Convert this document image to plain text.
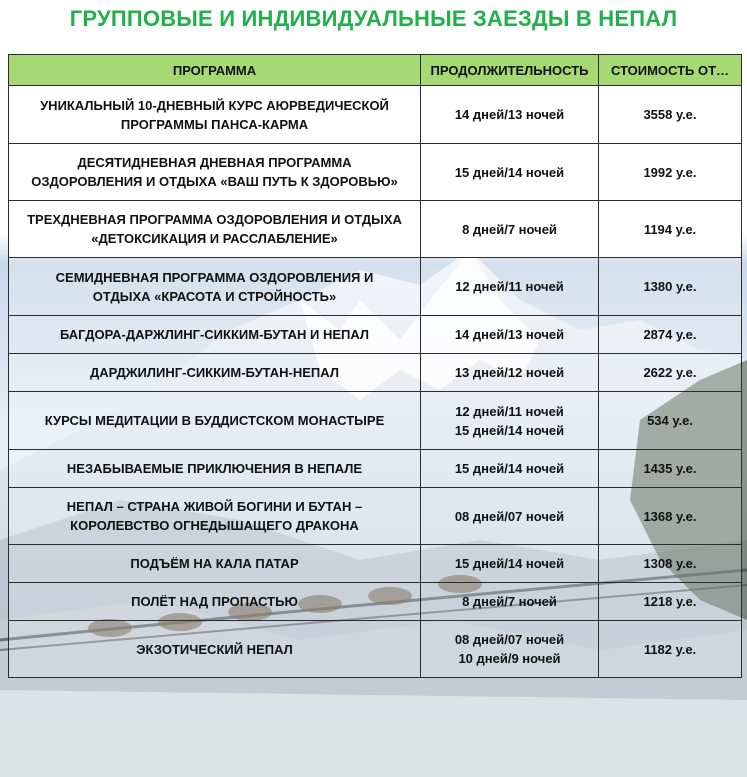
ГРУППОВЫЕ И ИНДИВИДУАЛЬНЫЕ ЗАЕЗДЫ В НЕПАЛ
ПРОГРАММА	ПРОДОЛЖИТЕЛЬНОСТЬ	СТОИМОСТЬ ОТ…

УНИКАЛЬНЫЙ 10-ДНЕВНЫЙ КУРС АЮРВЕДИЧЕСКОЙ
ПРОГРАММЫ ПАНСА-КАРМА	14 дней/13 ночей	3558 у.е.

ДЕСЯТИДНЕВНАЯ ДНЕВНАЯ ПРОГРАММА
ОЗДОРОВЛЕНИЯ И ОТДЫХА «ВАШ ПУТЬ К ЗДОРОВЬЮ»	15 дней/14 ночей	1992 у.е.

ТРЕХДНЕВНАЯ ПРОГРАММА ОЗДОРОВЛЕНИЯ И ОТДЫХА
«ДЕТОКСИКАЦИЯ И РАССЛАБЛЕНИЕ»	8 дней/7 ночей	1194 у.е.

СЕМИДНЕВНАЯ ПРОГРАММА ОЗДОРОВЛЕНИЯ И
ОТДЫХА «КРАСОТА И СТРОЙНОСТЬ»	12 дней/11 ночей	1380 у.е.

БАГДОРА-ДАРЖЛИНГ-СИККИМ-БУТАН И НЕПАЛ	14 дней/13 ночей	2874 у.е.

ДАРДЖИЛИНГ-СИККИМ-БУТАН-НЕПАЛ	13 дней/12 ночей	2622 у.е.

КУРСЫ МЕДИТАЦИИ В БУДДИСТСКОМ МОНАСТЫРЕ	12 дней/11 ночей
15 дней/14 ночей	534 у.е.

НЕЗАБЫВАЕМЫЕ ПРИКЛЮЧЕНИЯ В НЕПАЛЕ	15 дней/14 ночей	1435 у.е.

НЕПАЛ – СТРАНА ЖИВОЙ БОГИНИ И БУТАН –
КОРОЛЕВСТВО ОГНЕДЫШАЩЕГО ДРАКОНА	08 дней/07 ночей	1368 у.е.

ПОДЪЁМ НА КАЛА ПАТАР	15 дней/14 ночей	1308 у.е.

ПОЛЁТ НАД ПРОПАСТЬЮ	8 дней/7 ночей	1218 у.е.

ЭКЗОТИЧЕСКИЙ НЕПАЛ	08 дней/07 ночей
10 дней/9 ночей	1182 у.е.
